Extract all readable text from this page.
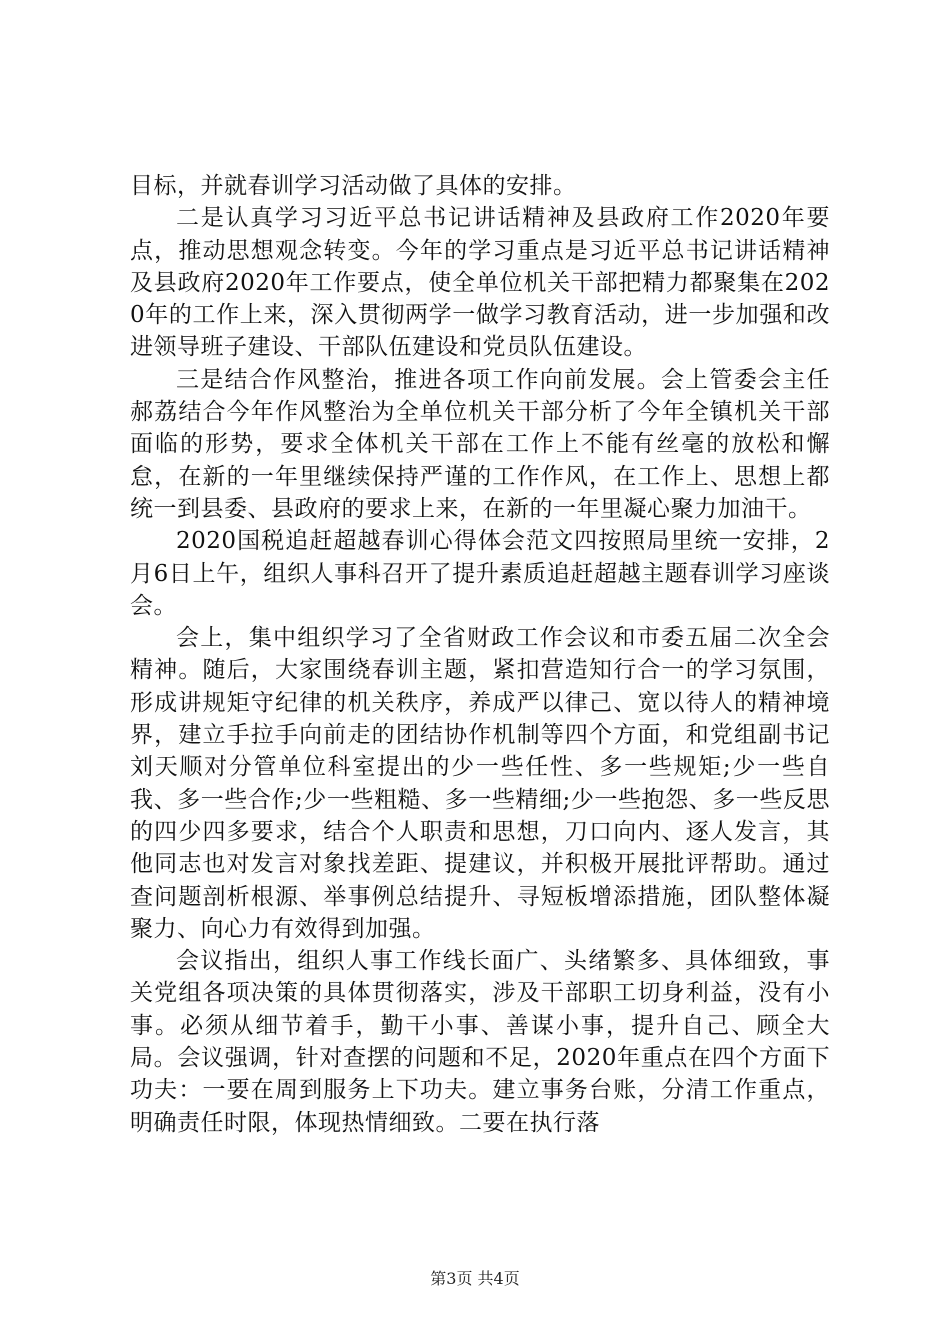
目标，并就春训学习活动做了具体的安排。

二是认真学习习近平总书记讲话精神及县政府工作2020年要点，推动思想观念转变。今年的学习重点是习近平总书记讲话精神及县政府2020年工作要点，使全单位机关干部把精力都聚集在2020年的工作上来，深入贯彻两学一做学习教育活动，进一步加强和改进领导班子建设、干部队伍建设和党员队伍建设。

三是结合作风整治，推进各项工作向前发展。会上管委会主任郝荔结合今年作风整治为全单位机关干部分析了今年全镇机关干部面临的形势，要求全体机关干部在工作上不能有丝毫的放松和懈怠，在新的一年里继续保持严谨的工作作风，在工作上、思想上都统一到县委、县政府的要求上来，在新的一年里凝心聚力加油干。

2020国税追赶超越春训心得体会范文四按照局里统一安排，2月6日上午，组织人事科召开了提升素质追赶超越主题春训学习座谈会。

会上，集中组织学习了全省财政工作会议和市委五届二次全会精神。随后，大家围绕春训主题，紧扣营造知行合一的学习氛围，形成讲规矩守纪律的机关秩序，养成严以律己、宽以待人的精神境界，建立手拉手向前走的团结协作机制等四个方面，和党组副书记刘天顺对分管单位科室提出的少一些任性、多一些规矩;少一些自我、多一些合作;少一些粗糙、多一些精细;少一些抱怨、多一些反思的四少四多要求，结合个人职责和思想，刀口向内、逐人发言，其他同志也对发言对象找差距、提建议，并积极开展批评帮助。通过查问题剖析根源、举事例总结提升、寻短板增添措施，团队整体凝聚力、向心力有效得到加强。

会议指出，组织人事工作线长面广、头绪繁多、具体细致，事关党组各项决策的具体贯彻落实，涉及干部职工切身利益，没有小事。必须从细节着手，勤干小事、善谋小事，提升自己、顾全大局。会议强调，针对查摆的问题和不足，2020年重点在四个方面下功夫：一要在周到服务上下功夫。建立事务台账，分清工作重点，明确责任时限，体现热情细致。二要在执行落

第3页 共4页
